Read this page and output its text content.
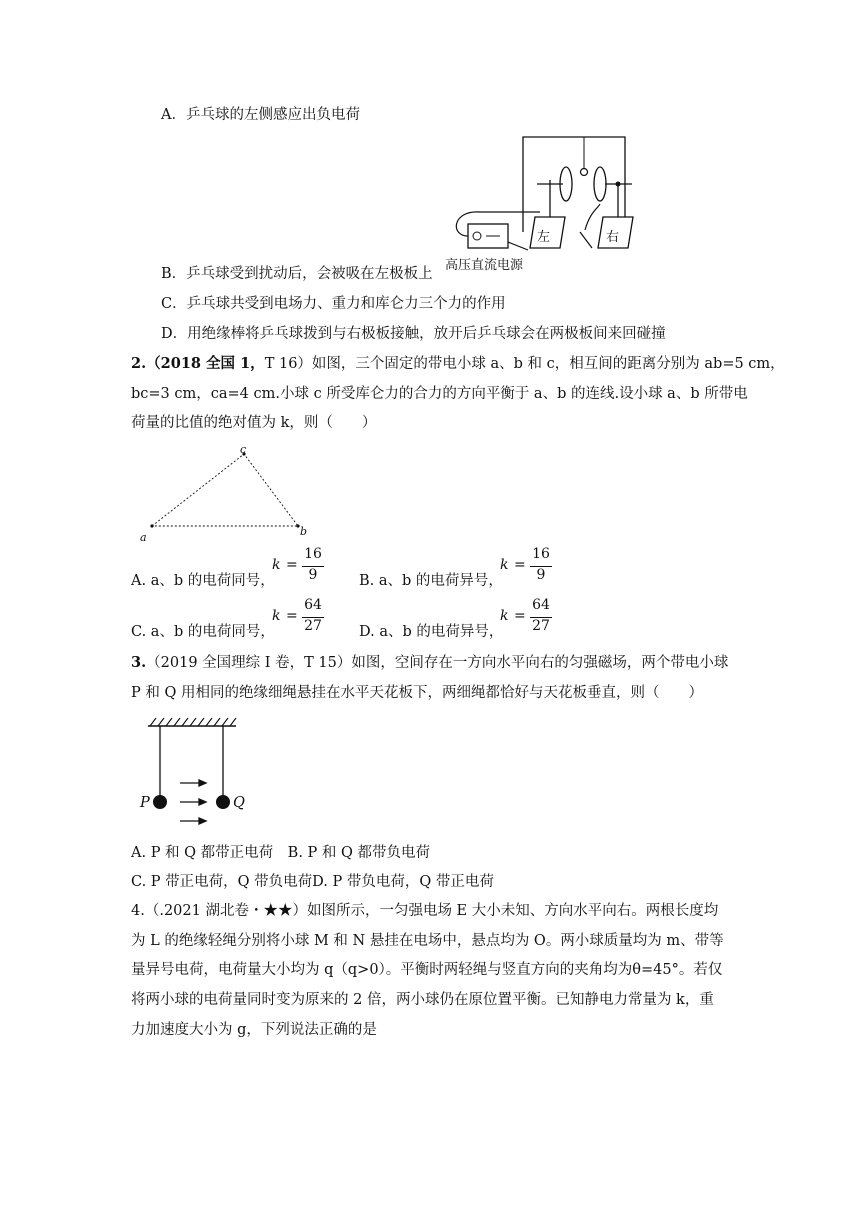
A．乒乓球的左侧感应出负电荷
左	右
高压直流电源
B．乒乓球受到扰动后，会被吸在左极板上
C．乒乓球共受到电场力、重力和库仑力三个力的作用
D．用绝缘棒将乒乓球拨到与右极板接触，放开后乒乓球会在两极板间来回碰撞
2.（2018 全国 1，T 16）如图，三个固定的带电小球 a、b 和 c，相互间的距离分别为 ab=5 cm，
bc=3 cm，ca=4 cm.小球 c 所受库仑力的合力的方向平衡于 a、b 的连线.设小球 a、b 所带电
荷量的比值的绝对值为 k，则（　　）
a
c
b
A. a、b 的电荷同号，
k =
16
9	B. a、b 的电荷异号，
k =
16
9
C. a、b 的电荷同号，
k =
64
27	D. a、b 的电荷异号，
k =
64
27
3.（2019 全国理综 I 卷，T 15）如图，空间存在一方向水平向右的匀强磁场，两个带电小球
P 和 Q 用相同的绝缘细绳悬挂在水平天花板下，两细绳都恰好与天花板垂直，则（　　）
P	Q
A. P 和 Q 都带正电荷　B. P 和 Q 都带负电荷
C. P 带正电荷，Q 带负电荷D. P 带负电荷，Q 带正电荷
4.（.2021 湖北卷・★★）如图所示，一匀强电场 E 大小未知、方向水平向右。两根长度均
为 L 的绝缘轻绳分别将小球 M 和 N 悬挂在电场中，悬点均为 O。两小球质量均为 m、带等
量异号电荷，电荷量大小均为 q（q>0）。平衡时两轻绳与竖直方向的夹角均为θ=45°。若仅
将两小球的电荷量同时变为原来的 2 倍，两小球仍在原位置平衡。已知静电力常量为 k，重
力加速度大小为 g，下列说法正确的是
